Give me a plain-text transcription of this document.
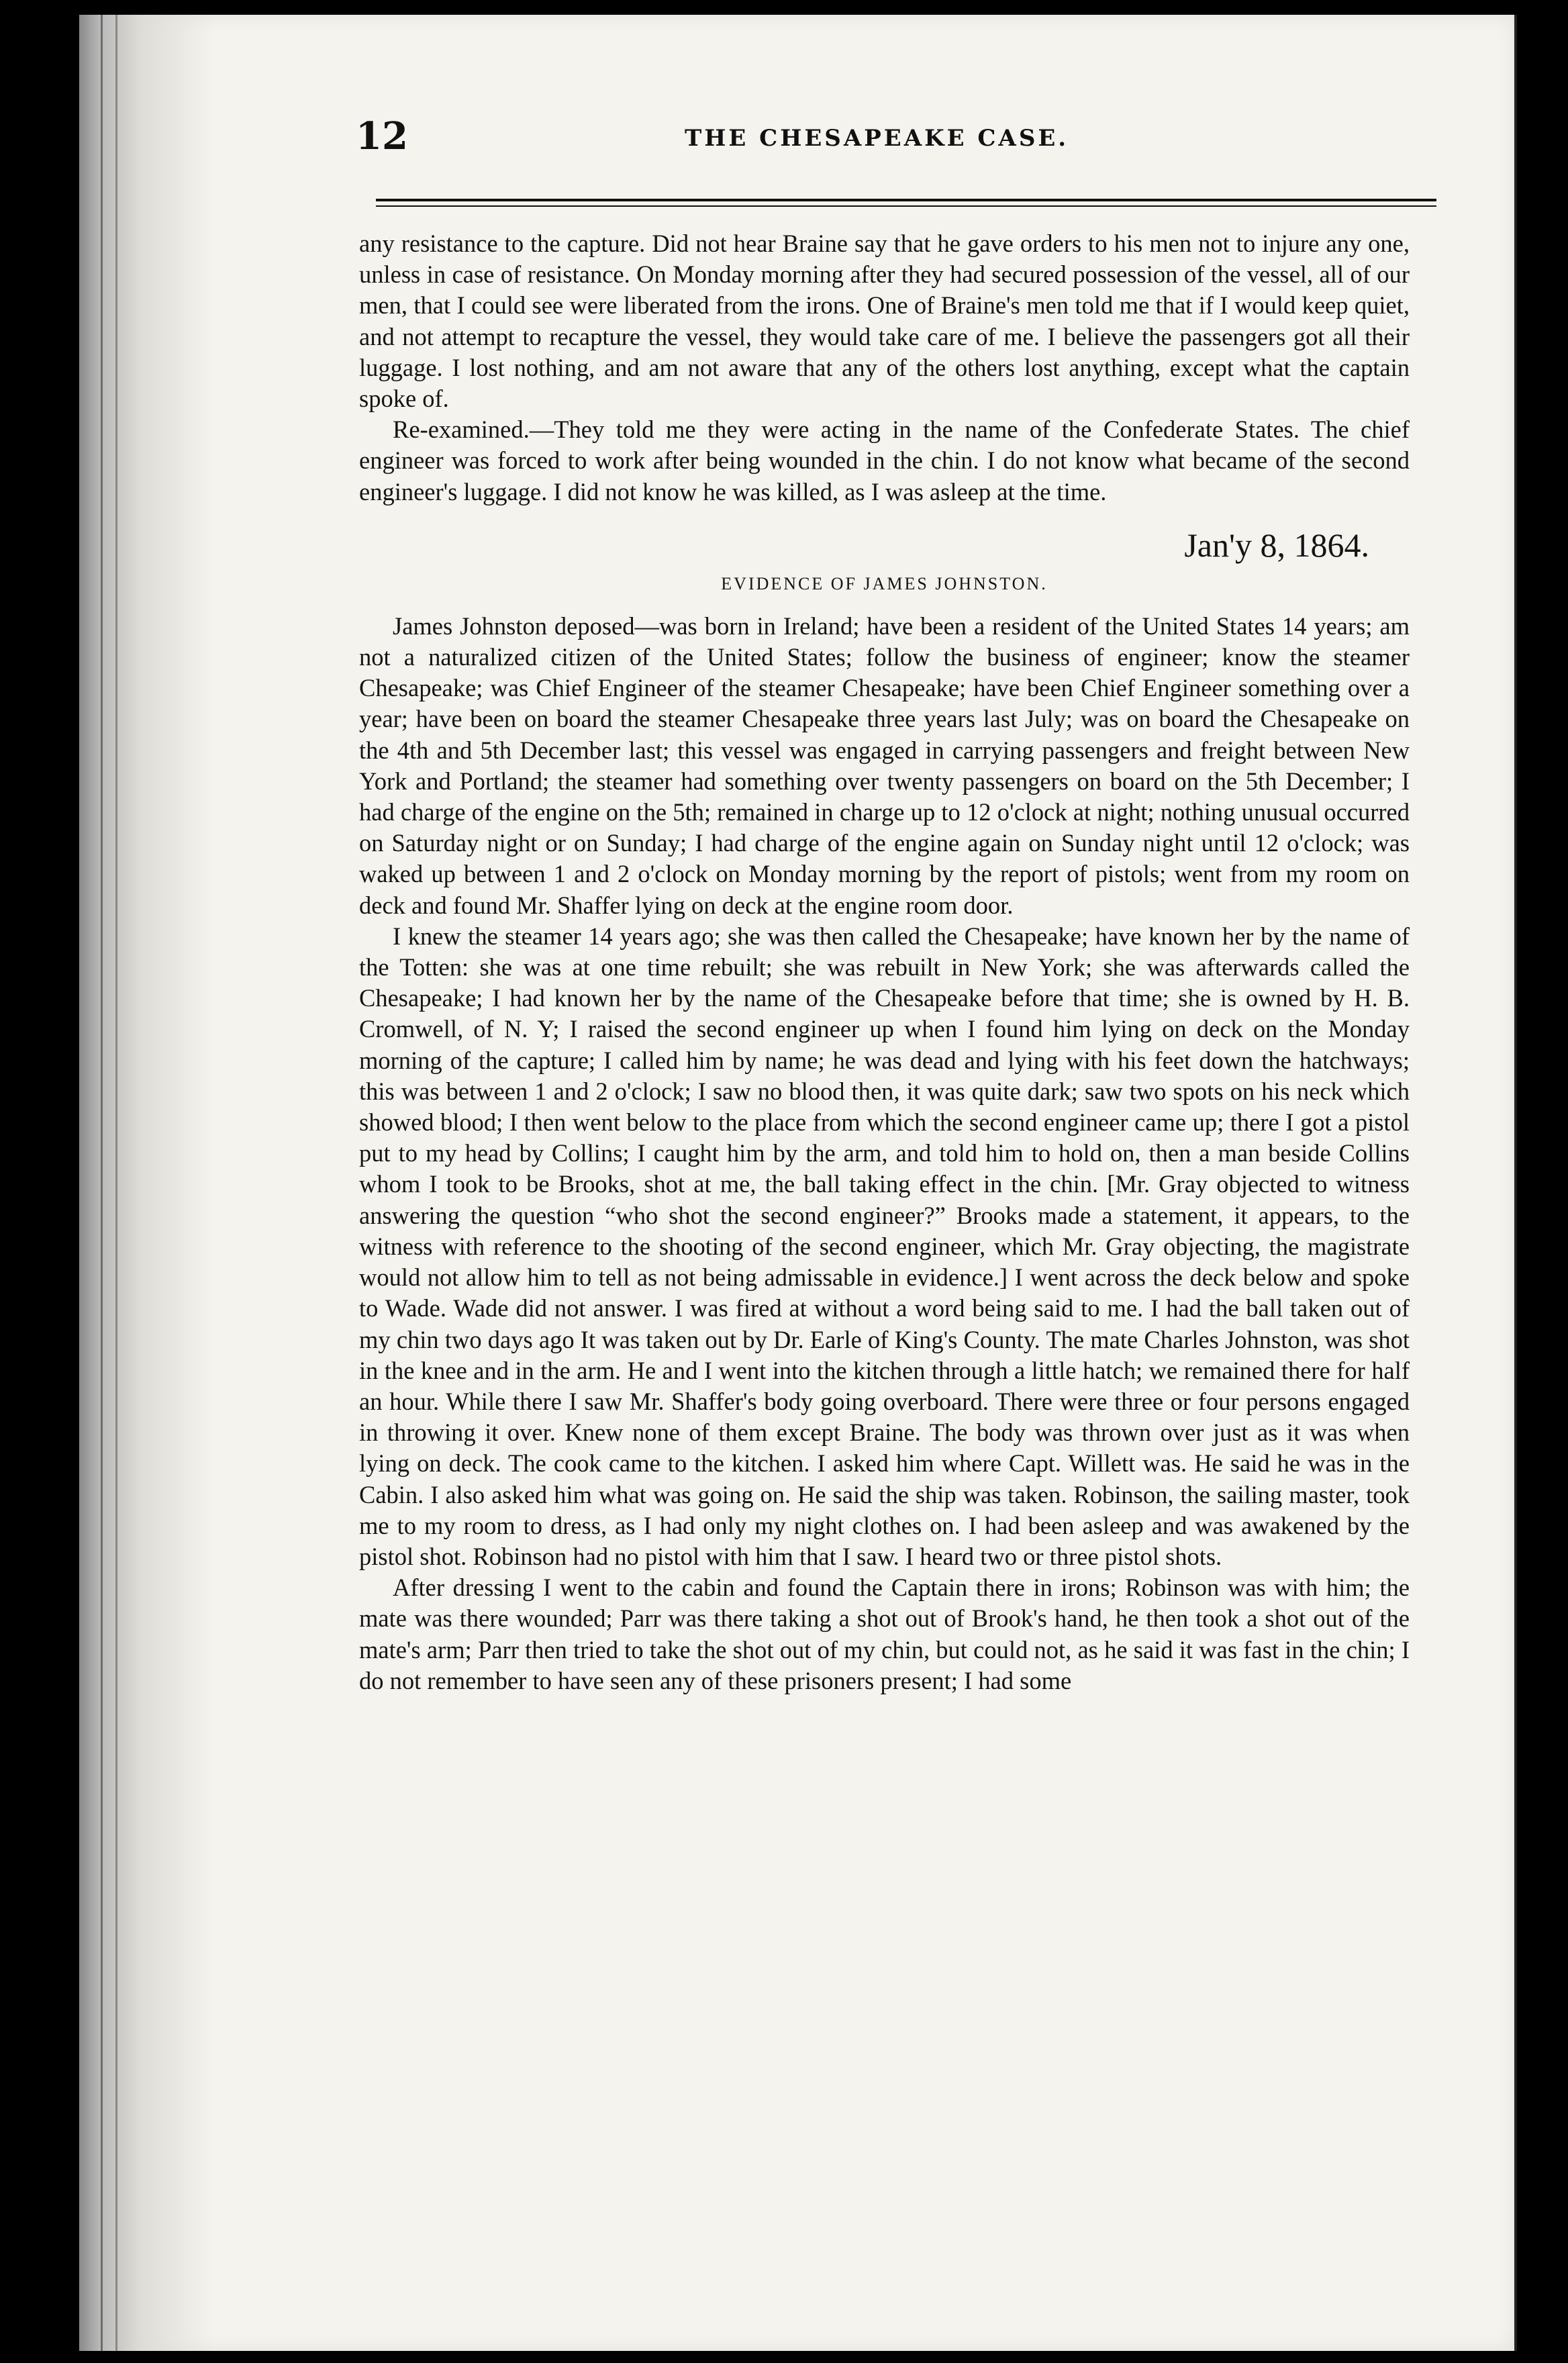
12	THE CHESAPEAKE CASE.

any resistance to the capture. Did not hear Braine say that he gave orders to his men not to injure any one, unless in case of resistance. On Monday morning after they had secured possession of the vessel, all of our men, that I could see were liberated from the irons. One of Braine's men told me that if I would keep quiet, and not attempt to recapture the vessel, they would take care of me. I believe the passengers got all their luggage. I lost nothing, and am not aware that any of the others lost anything, except what the captain spoke of.

Re-examined.—They told me they were acting in the name of the Confederate States. The chief engineer was forced to work after being wounded in the chin. I do not know what became of the second engineer's luggage. I did not know he was killed, as I was asleep at the time.

Jan'y 8, 1864.

EVIDENCE OF JAMES JOHNSTON.

James Johnston deposed—was born in Ireland; have been a resident of the United States 14 years; am not a naturalized citizen of the United States; follow the business of engineer; know the steamer Chesapeake; was Chief Engineer of the steamer Chesapeake; have been Chief Engineer something over a year; have been on board the steamer Chesapeake three years last July; was on board the Chesapeake on the 4th and 5th December last; this vessel was engaged in carrying passengers and freight between New York and Portland; the steamer had something over twenty passengers on board on the 5th December; I had charge of the engine on the 5th; remained in charge up to 12 o'clock at night; nothing unusual occurred on Saturday night or on Sunday; I had charge of the engine again on Sunday night until 12 o'clock; was waked up between 1 and 2 o'clock on Monday morning by the report of pistols; went from my room on deck and found Mr. Shaffer lying on deck at the engine room door.

I knew the steamer 14 years ago; she was then called the Chesapeake; have known her by the name of the Totten: she was at one time rebuilt; she was rebuilt in New York; she was afterwards called the Chesapeake; I had known her by the name of the Chesapeake before that time; she is owned by H. B. Cromwell, of N. Y; I raised the second engineer up when I found him lying on deck on the Monday morning of the capture; I called him by name; he was dead and lying with his feet down the hatchways; this was between 1 and 2 o'clock; I saw no blood then, it was quite dark; saw two spots on his neck which showed blood; I then went below to the place from which the second engineer came up; there I got a pistol put to my head by Collins; I caught him by the arm, and told him to hold on, then a man beside Collins whom I took to be Brooks, shot at me, the ball taking effect in the chin. [Mr. Gray objected to witness answering the question “who shot the second engineer?” Brooks made a statement, it appears, to the witness with reference to the shooting of the second engineer, which Mr. Gray objecting, the magistrate would not allow him to tell as not being admissable in evidence.] I went across the deck below and spoke to Wade. Wade did not answer. I was fired at without a word being said to me. I had the ball taken out of my chin two days ago It was taken out by Dr. Earle of King's County. The mate Charles Johnston, was shot in the knee and in the arm. He and I went into the kitchen through a little hatch; we remained there for half an hour. While there I saw Mr. Shaffer's body going overboard. There were three or four persons engaged in throwing it over. Knew none of them except Braine. The body was thrown over just as it was when lying on deck. The cook came to the kitchen. I asked him where Capt. Willett was. He said he was in the Cabin. I also asked him what was going on. He said the ship was taken. Robinson, the sailing master, took me to my room to dress, as I had only my night clothes on. I had been asleep and was awakened by the pistol shot. Robinson had no pistol with him that I saw. I heard two or three pistol shots.

After dressing I went to the cabin and found the Captain there in irons; Robinson was with him; the mate was there wounded; Parr was there taking a shot out of Brook's hand, he then took a shot out of the mate's arm; Parr then tried to take the shot out of my chin, but could not, as he said it was fast in the chin; I do not remember to have seen any of these prisoners present; I had some
